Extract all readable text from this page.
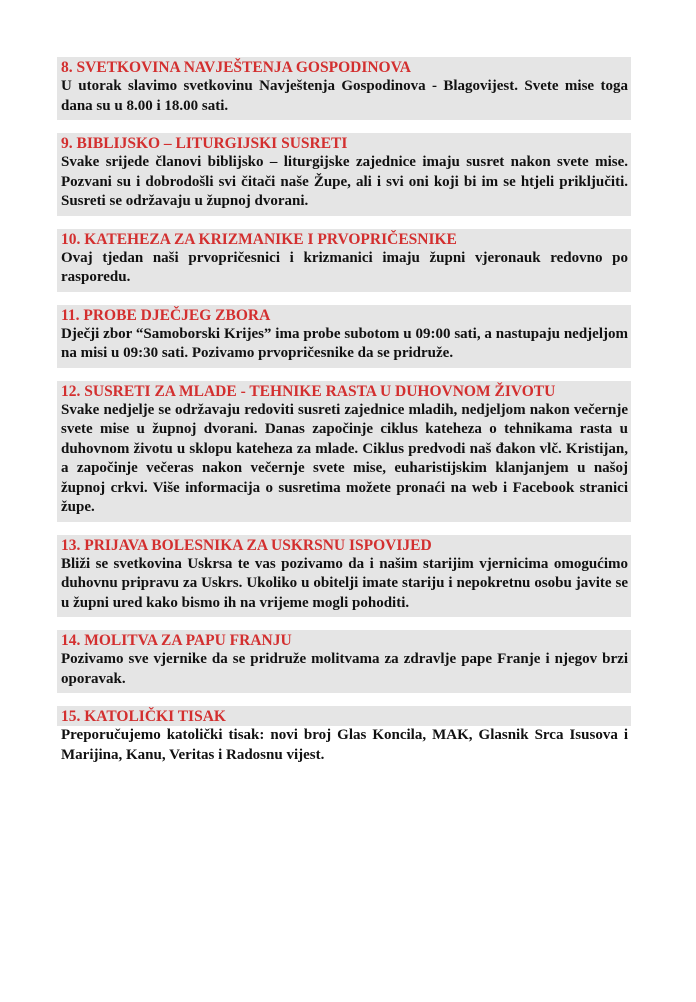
8. SVETKOVINA NAVJEŠTENJA GOSPODINOVA

U utorak slavimo svetkovinu Navještenja Gospodinova - Blagovijest. Svete mise toga dana su u 8.00 i 18.00 sati.

9. BIBLIJSKO – LITURGIJSKI SUSRETI

Svake srijede članovi biblijsko – liturgijske zajednice imaju susret nakon svete mise. Pozvani su i dobrodošli svi čitači naše Župe, ali i svi oni koji bi im se htjeli priključiti. Susreti se održavaju u župnoj dvorani.

10. KATEHEZA ZA KRIZMANIKE I PRVOPRIČESNIKE

Ovaj tjedan naši prvopričesnici i krizmanici imaju župni vjeronauk redovno po rasporedu.

11. PROBE DJEČJEG ZBORA

Dječji zbor “Samoborski Krijes” ima probe subotom u 09:00 sati, a nastupaju nedjeljom na misi u 09:30 sati. Pozivamo prvopričesnike da se pridruže.

12. SUSRETI ZA MLADE - TEHNIKE RASTA U DUHOVNOM ŽIVOTU

Svake nedjelje se održavaju redoviti susreti zajednice mladih, nedjeljom nakon večernje svete mise u župnoj dvorani. Danas započinje ciklus kateheza o tehnikama rasta u duhovnom životu u sklopu kateheza za mlade. Ciklus predvodi naš đakon vlč. Kristijan, a započinje večeras nakon večernje svete mise, euharistijskim klanjanjem u našoj župnoj crkvi. Više informacija o susretima možete pronaći na web i Facebook stranici župe.

13. PRIJAVA BOLESNIKA ZA USKRSNU ISPOVIJED

Bliži se svetkovina Uskrsa te vas pozivamo da i našim starijim vjernicima omogućimo duhovnu pripravu za Uskrs. Ukoliko u obitelji imate stariju i nepokretnu osobu javite se u župni ured kako bismo ih na vrijeme mogli pohoditi.

14. MOLITVA ZA PAPU FRANJU

Pozivamo sve vjernike da se pridruže molitvama za zdravlje pape Franje i njegov brzi oporavak.

15. KATOLIČKI TISAK

Preporučujemo katolički tisak: novi broj Glas Koncila, MAK, Glasnik Srca Isusova i Marijina, Kanu, Veritas i Radosnu vijest.
